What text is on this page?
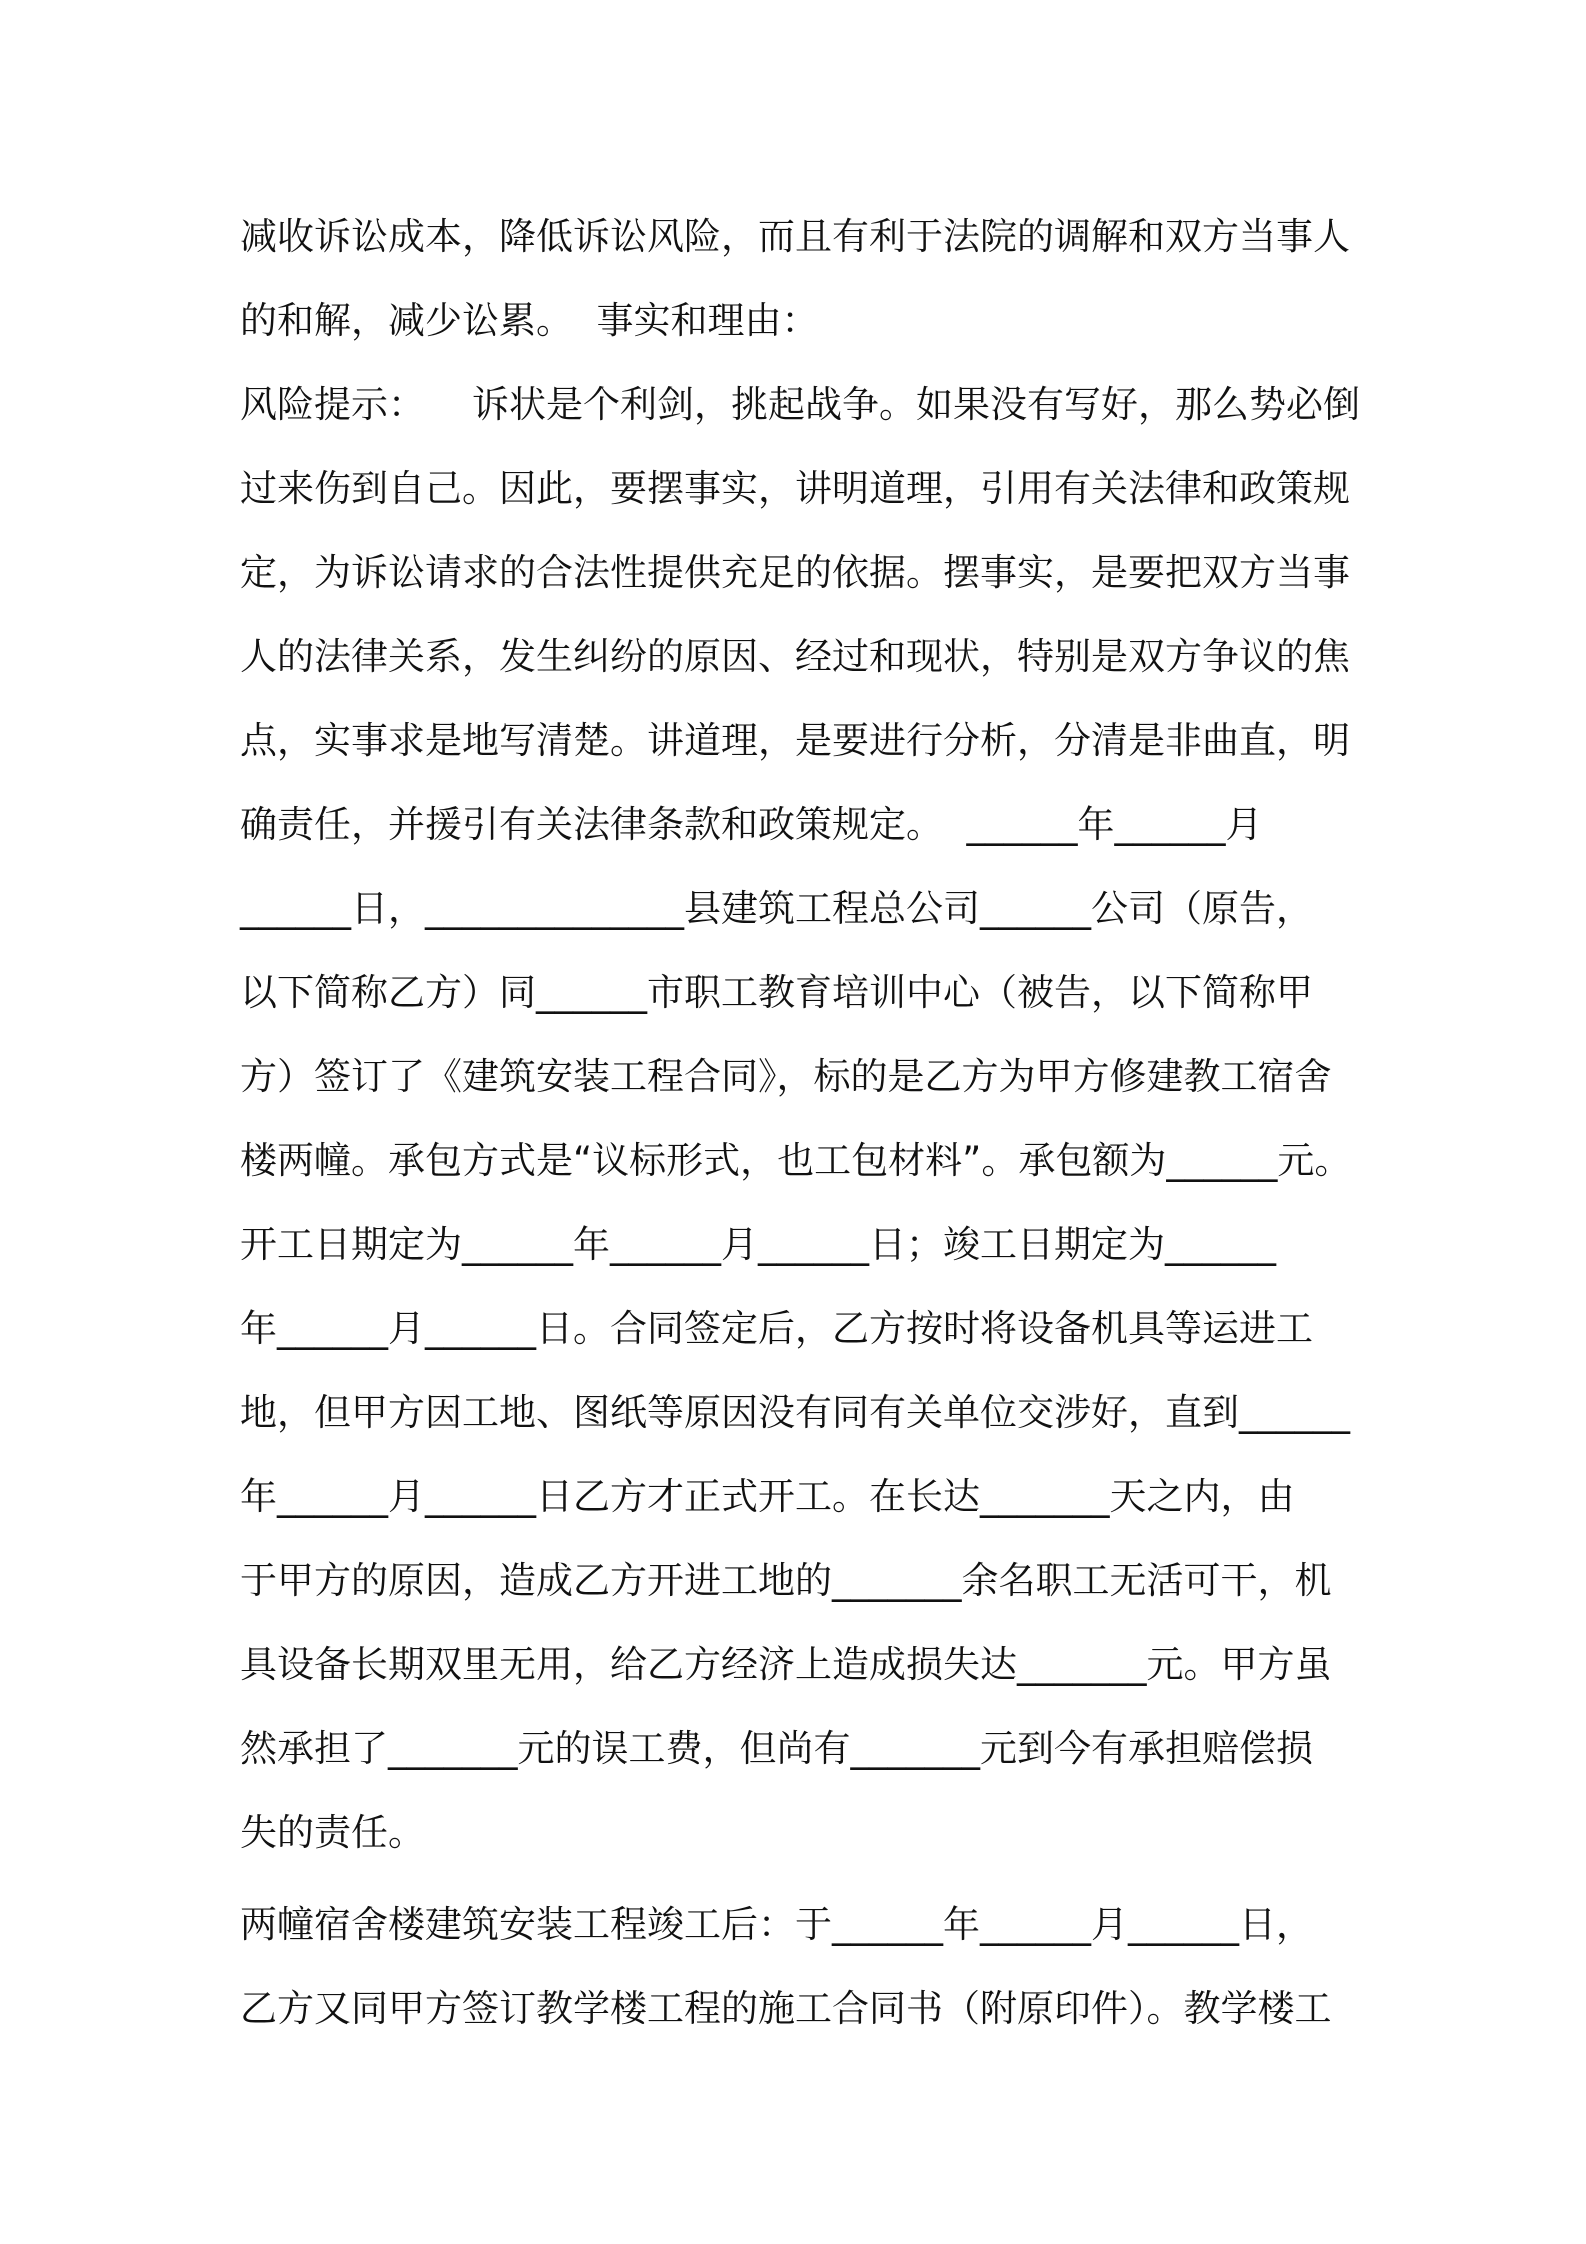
减收诉讼成本，降低诉讼风险，而且有利于法院的调解和双方当事人
的和解，减少讼累。  事实和理由：
风险提示：    诉状是个利剑，挑起战争。如果没有写好，那么势必倒
过来伤到自己。因此，要摆事实，讲明道理，引用有关法律和政策规
定，为诉讼请求的合法性提供充足的依据。摆事实，是要把双方当事
人的法律关系，发生纠纷的原因、经过和现状，特别是双方争议的焦
点，实事求是地写清楚。讲道理，是要进行分析，分清是非曲直，明
确责任，并援引有关法律条款和政策规定。  ______年______月
______日，______________县建筑工程总公司______公司（原告，
以下简称乙方）同______市职工教育培训中心（被告，以下简称甲
方）签订了《建筑安装工程合同》，标的是乙方为甲方修建教工宿舍
楼两幢。承包方式是“议标形式，也工包材料”。承包额为______元。
开工日期定为______年______月______日；竣工日期定为______
年______月______日。合同签定后，乙方按时将设备机具等运进工
地，但甲方因工地、图纸等原因没有同有关单位交涉好，直到______
年______月______日乙方才正式开工。在长达_______天之内，由
于甲方的原因，造成乙方开进工地的_______余名职工无活可干，机
具设备长期双里无用，给乙方经济上造成损失达_______元。甲方虽
然承担了_______元的误工费，但尚有_______元到今有承担赔偿损
失的责任。
两幢宿舍楼建筑安装工程竣工后：于______年______月______日，
乙方又同甲方签订教学楼工程的施工合同书（附原印件）。教学楼工
